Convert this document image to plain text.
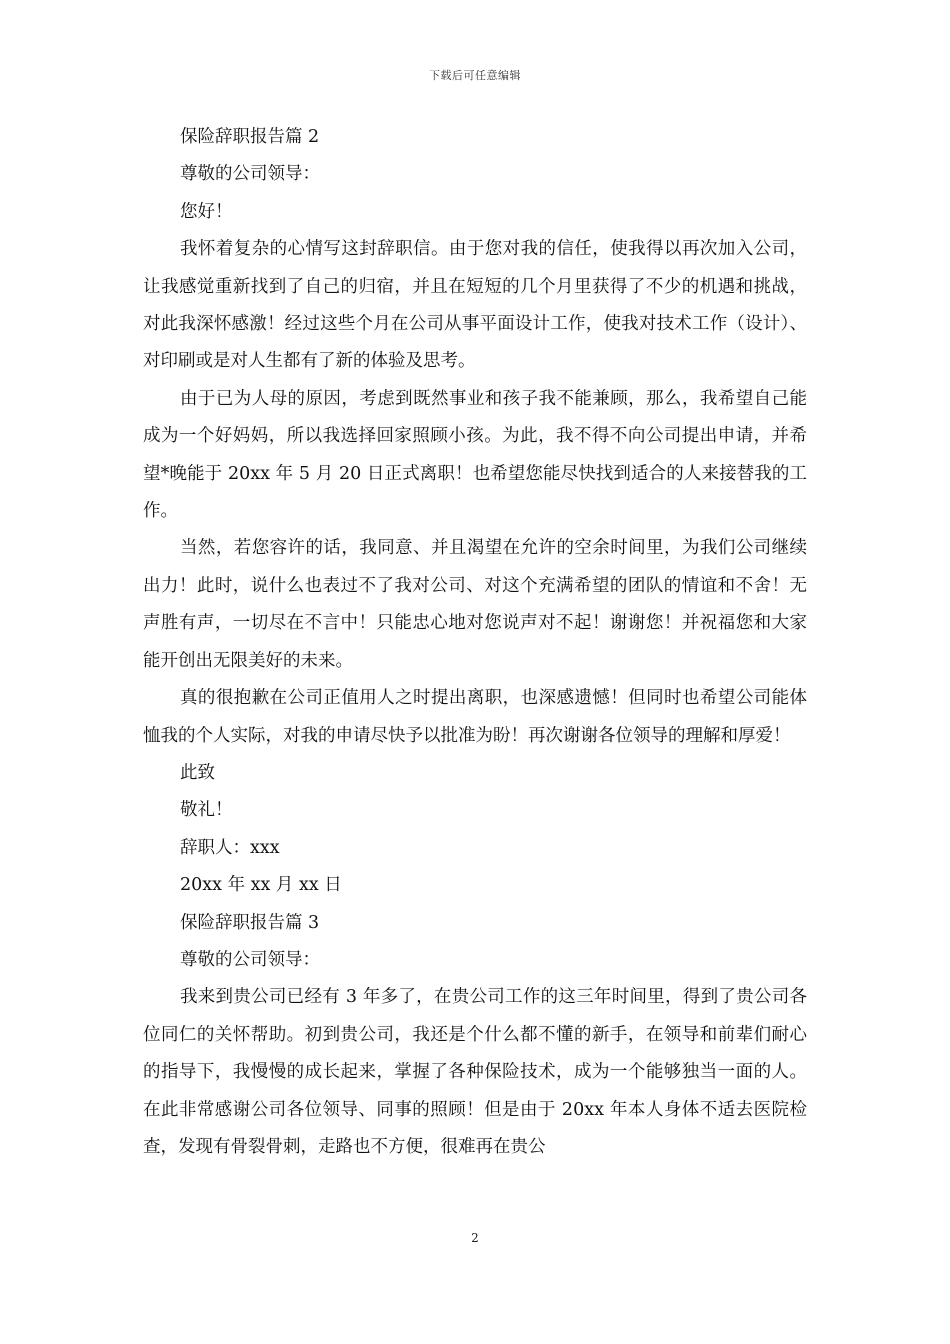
下载后可任意编辑

保险辞职报告篇 2

尊敬的公司领导：

您好！

我怀着复杂的心情写这封辞职信。由于您对我的信任，使我得以再次加入公司，让我感觉重新找到了自己的归宿，并且在短短的几个月里获得了不少的机遇和挑战，对此我深怀感激！经过这些个月在公司从事平面设计工作，使我对技术工作（设计）、对印刷或是对人生都有了新的体验及思考。

由于已为人母的原因，考虑到既然事业和孩子我不能兼顾，那么，我希望自己能成为一个好妈妈，所以我选择回家照顾小孩。为此，我不得不向公司提出申请，并希望*晚能于 20xx 年 5 月 20 日正式离职！也希望您能尽快找到适合的人来接替我的工作。

当然，若您容许的话，我同意、并且渴望在允许的空余时间里，为我们公司继续出力！此时，说什么也表过不了我对公司、对这个充满希望的团队的情谊和不舍！无声胜有声，一切尽在不言中！只能忠心地对您说声对不起！谢谢您！并祝福您和大家能开创出无限美好的未来。

真的很抱歉在公司正值用人之时提出离职，也深感遗憾！但同时也希望公司能体恤我的个人实际，对我的申请尽快予以批准为盼！再次谢谢各位领导的理解和厚爱！

此致

敬礼！

辞职人：xxx

20xx 年 xx 月 xx 日

保险辞职报告篇 3

尊敬的公司领导：

我来到贵公司已经有 3 年多了，在贵公司工作的这三年时间里，得到了贵公司各位同仁的关怀帮助。初到贵公司，我还是个什么都不懂的新手，在领导和前辈们耐心的指导下，我慢慢的成长起来，掌握了各种保险技术，成为一个能够独当一面的人。在此非常感谢公司各位领导、同事的照顾！但是由于 20xx 年本人身体不适去医院检查，发现有骨裂骨刺，走路也不方便，很难再在贵公

2
